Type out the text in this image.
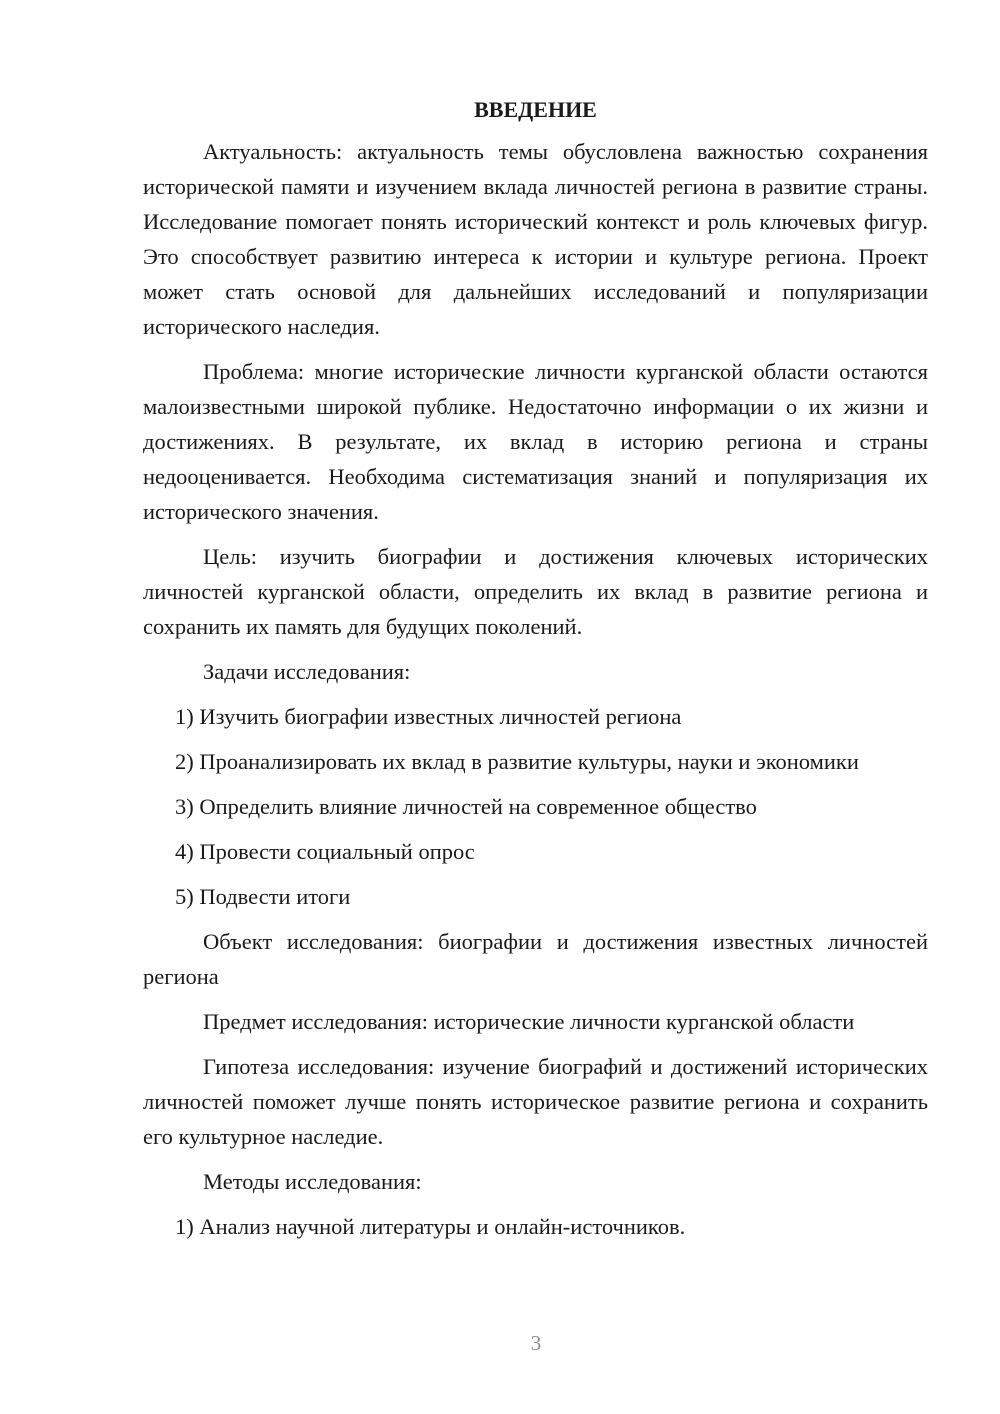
ВВЕДЕНИЕ

Актуальность: актуальность темы обусловлена важностью сохранения исторической памяти и изучением вклада личностей региона в развитие страны. Исследование помогает понять исторический контекст и роль ключевых фигур. Это способствует развитию интереса к истории и культуре региона. Проект может стать основой для дальнейших исследований и популяризации исторического наследия.

Проблема: многие исторические личности курганской области остаются малоизвестными широкой публике. Недостаточно информации о их жизни и достижениях. В результате, их вклад в историю региона и страны недооценивается. Необходима систематизация знаний и популяризация их исторического значения.

Цель: изучить биографии и достижения ключевых исторических личностей курганской области, определить их вклад в развитие региона и сохранить их память для будущих поколений.

Задачи исследования:

1) Изучить биографии известных личностей региона

2) Проанализировать их вклад в развитие культуры, науки и экономики

3) Определить влияние личностей на современное общество

4) Провести социальный опрос

5) Подвести итоги

Объект исследования: биографии и достижения известных личностей региона

Предмет исследования: исторические личности курганской области

Гипотеза исследования: изучение биографий и достижений исторических личностей поможет лучше понять историческое развитие региона и сохранить его культурное наследие.

Методы исследования:

1) Анализ научной литературы и онлайн-источников.

3
